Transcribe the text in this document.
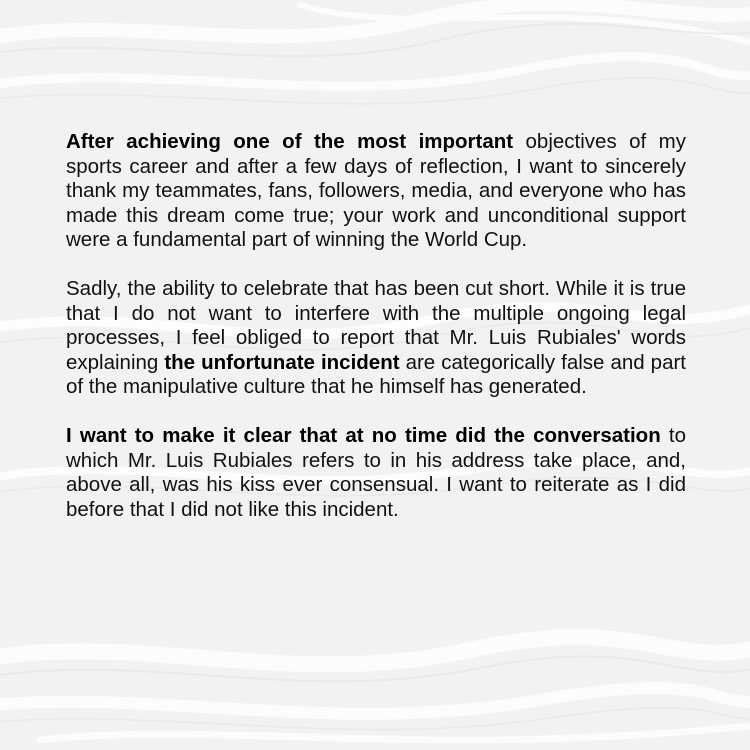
After achieving one of the most important objectives of my sports career and after a few days of reflection, I want to sincerely thank my teammates, fans, followers, media, and everyone who has made this dream come true; your work and unconditional support were a fundamental part of winning the World Cup.

Sadly, the ability to celebrate that has been cut short. While it is true that I do not want to interfere with the multiple ongoing legal processes, I feel obliged to report that Mr. Luis Rubiales' words explaining the unfortunate incident are categorically false and part of the manipulative culture that he himself has generated.

I want to make it clear that at no time did the conversation to which Mr. Luis Rubiales refers to in his address take place, and, above all, was his kiss ever consensual. I want to reiterate as I did before that I did not like this incident.
